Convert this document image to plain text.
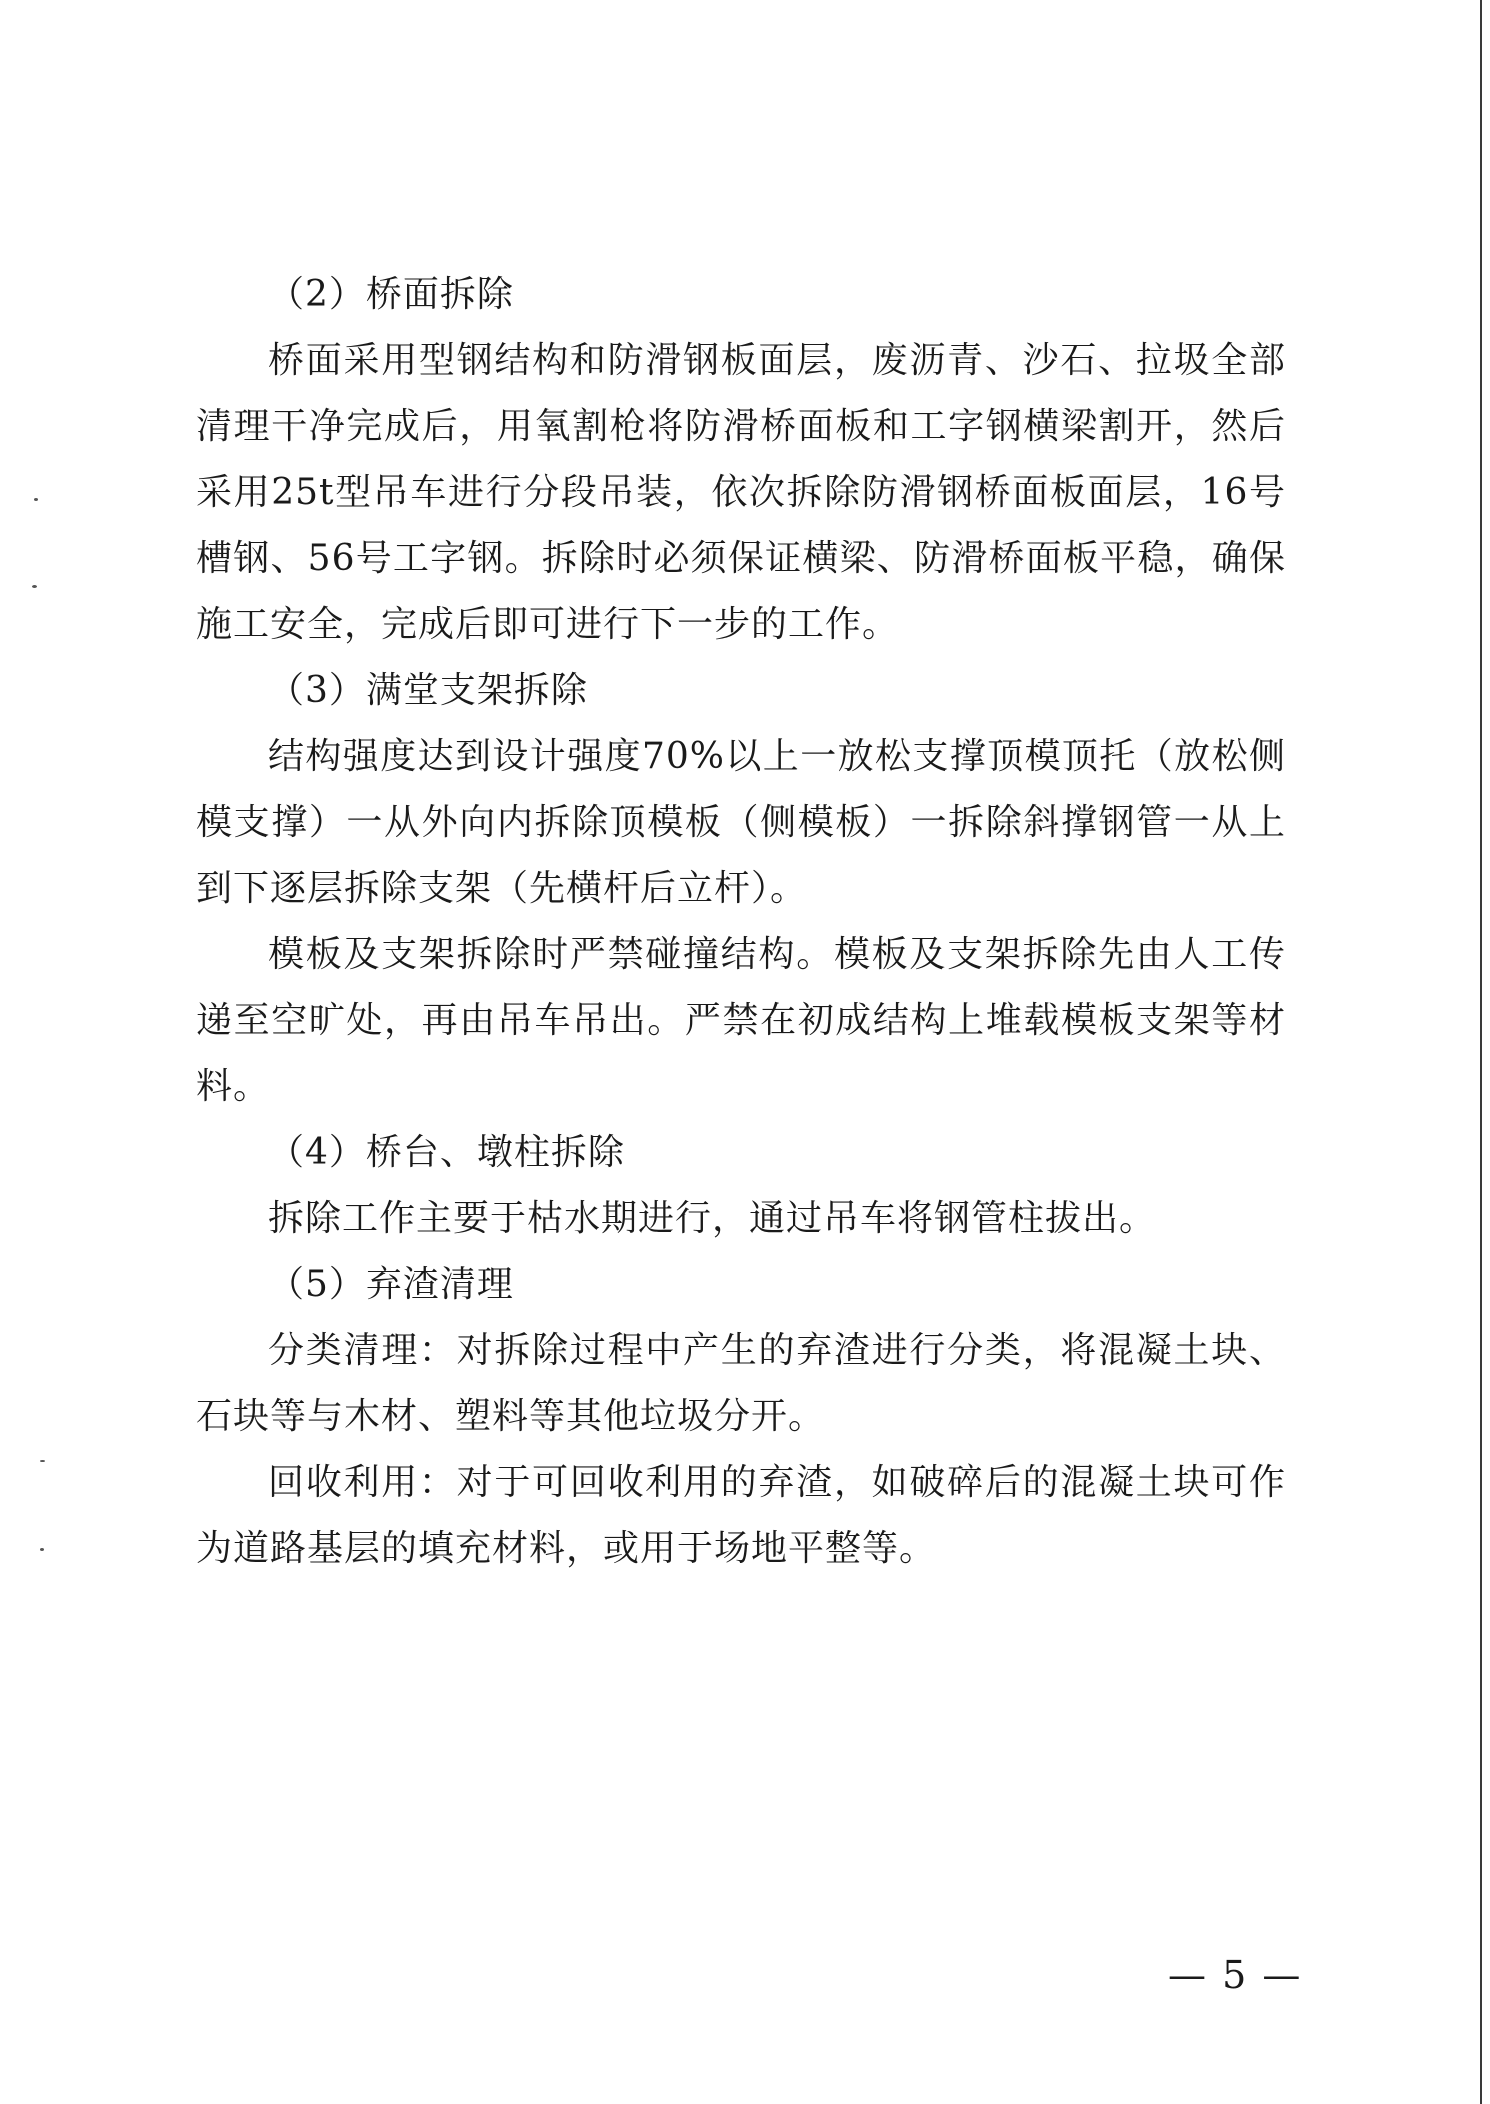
（2）桥面拆除

桥面采用型钢结构和防滑钢板面层，废沥青、沙石、拉圾全部清理干净完成后，用氧割枪将防滑桥面板和工字钢横梁割开，然后采用25t型吊车进行分段吊装，依次拆除防滑钢桥面板面层，16号槽钢、56号工字钢。拆除时必须保证横梁、防滑桥面板平稳，确保施工安全，完成后即可进行下一步的工作。

（3）满堂支架拆除

结构强度达到设计强度70%以上一放松支撑顶模顶托（放松侧模支撑）一从外向内拆除顶模板（侧模板）一拆除斜撑钢管一从上到下逐层拆除支架（先横杆后立杆）。

模板及支架拆除时严禁碰撞结构。模板及支架拆除先由人工传递至空旷处，再由吊车吊出。严禁在初成结构上堆载模板支架等材料。

（4）桥台、墩柱拆除

拆除工作主要于枯水期进行，通过吊车将钢管柱拔出。

（5）弃渣清理

分类清理：对拆除过程中产生的弃渣进行分类，将混凝土块、石块等与木材、塑料等其他垃圾分开。

回收利用：对于可回收利用的弃渣，如破碎后的混凝土块可作为道路基层的填充材料，或用于场地平整等。

— 5 —
